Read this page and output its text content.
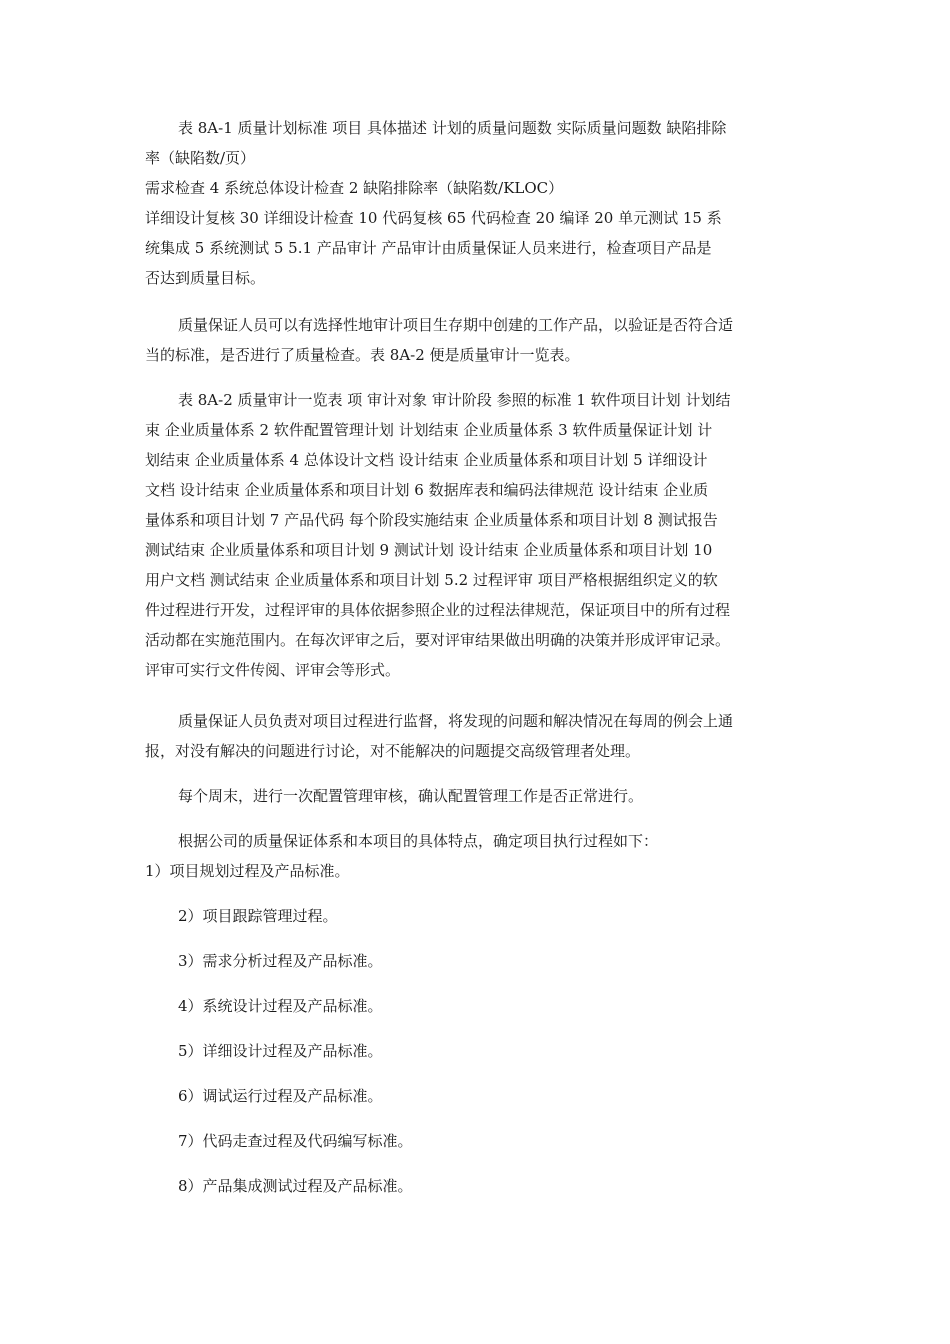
表 8A-1 质量计划标准 项目 具体描述 计划的质量问题数 实际质量问题数 缺陷排除
率（缺陷数/页）
需求检查 4 系统总体设计检查 2 缺陷排除率（缺陷数/KLOC）
详细设计复核 30 详细设计检查 10 代码复核 65 代码检查 20 编译 20 单元测试 15 系
统集成 5 系统测试 5 5.1 产品审计 产品审计由质量保证人员来进行，检查项目产品是
否达到质量目标。
质量保证人员可以有选择性地审计项目生存期中创建的工作产品，以验证是否符合适
当的标准，是否进行了质量检查。表 8A-2 便是质量审计一览表。
表 8A-2 质量审计一览表 项 审计对象 审计阶段 参照的标准 1 软件项目计划 计划结
束 企业质量体系 2 软件配置管理计划 计划结束 企业质量体系 3 软件质量保证计划 计
划结束 企业质量体系 4 总体设计文档 设计结束 企业质量体系和项目计划 5 详细设计
文档 设计结束 企业质量体系和项目计划 6 数据库表和编码法律规范 设计结束 企业质
量体系和项目计划 7 产品代码 每个阶段实施结束 企业质量体系和项目计划 8 测试报告
测试结束 企业质量体系和项目计划 9 测试计划 设计结束 企业质量体系和项目计划 10
用户文档 测试结束 企业质量体系和项目计划 5.2 过程评审 项目严格根据组织定义的软
件过程进行开发，过程评审的具体依据参照企业的过程法律规范，保证项目中的所有过程
活动都在实施范围内。在每次评审之后，要对评审结果做出明确的决策并形成评审记录。
评审可实行文件传阅、评审会等形式。
质量保证人员负责对项目过程进行监督，将发现的问题和解决情况在每周的例会上通
报，对没有解决的问题进行讨论，对不能解决的问题提交高级管理者处理。
每个周末，进行一次配置管理审核，确认配置管理工作是否正常进行。
根据公司的质量保证体系和本项目的具体特点，确定项目执行过程如下：
1）项目规划过程及产品标准。
2）项目跟踪管理过程。
3）需求分析过程及产品标准。
4）系统设计过程及产品标准。
5）详细设计过程及产品标准。
6）调试运行过程及产品标准。
7）代码走查过程及代码编写标准。
8）产品集成测试过程及产品标准。
